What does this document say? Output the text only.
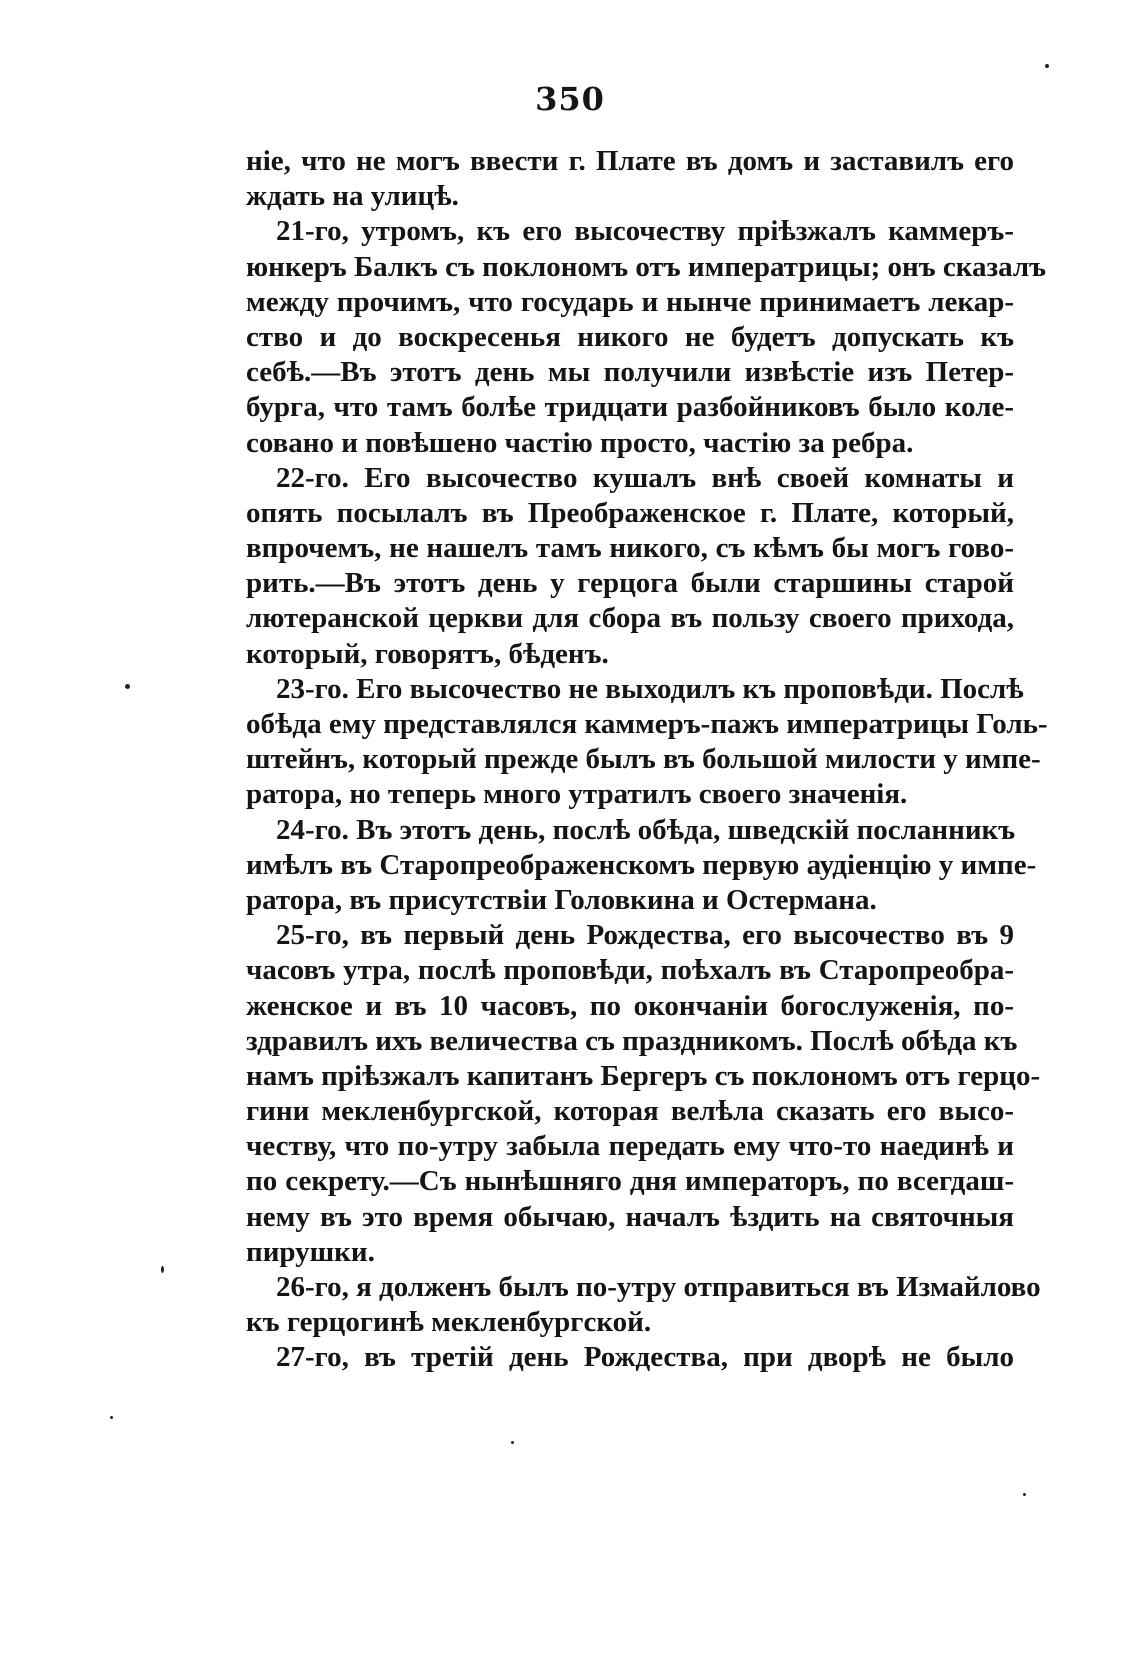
350
ніе, что не могъ ввести г. Плате въ домъ и заставилъ его
ждать на улицѣ.
21-го, утромъ, къ его высочеству пріѣзжалъ каммеръ-
юнкеръ Балкъ съ поклономъ отъ императрицы; онъ сказалъ
между прочимъ, что государь и нынче принимаетъ лекар-
ство и до воскресенья никого не будетъ допускать къ
себѣ.—Въ этотъ день мы получили извѣстіе изъ Петер-
бурга, что тамъ болѣе тридцати разбойниковъ было коле-
совано и повѣшено частію просто, частію за ребра.
22-го. Его высочество кушалъ внѣ своей комнаты и
опять посылалъ въ Преображенское г. Плате, который,
впрочемъ, не нашелъ тамъ никого, съ кѣмъ бы могъ гово-
рить.—Въ этотъ день у герцога были старшины старой
лютеранской церкви для сбора въ пользу своего прихода,
который, говорятъ, бѣденъ.
23-го. Его высочество не выходилъ къ проповѣди. Послѣ
обѣда ему представлялся каммеръ-пажъ императрицы Голь-
штейнъ, который прежде былъ въ большой милости у импе-
ратора, но теперь много утратилъ своего значенія.
24-го. Въ этотъ день, послѣ обѣда, шведскій посланникъ
имѣлъ въ Старопреображенскомъ первую аудіенцію у импе-
ратора, въ присутствіи Головкина и Остермана.
25-го, въ первый день Рождества, его высочество въ 9
часовъ утра, послѣ проповѣди, поѣхалъ въ Старопреобра-
женское и въ 10 часовъ, по окончаніи богослуженія, по-
здравилъ ихъ величества съ праздникомъ. Послѣ обѣда къ
намъ пріѣзжалъ капитанъ Бергеръ съ поклономъ отъ герцо-
гини мекленбургской, которая велѣла сказать его высо-
честву, что по-утру забыла передать ему что-то наединѣ и
по секрету.—Съ нынѣшняго дня императоръ, по всегдаш-
нему въ это время обычаю, началъ ѣздить на святочныя
пирушки.
26-го, я долженъ былъ по-утру отправиться въ Измайлово
къ герцогинѣ мекленбургской.
27-го, въ третій день Рождества, при дворѣ не было
